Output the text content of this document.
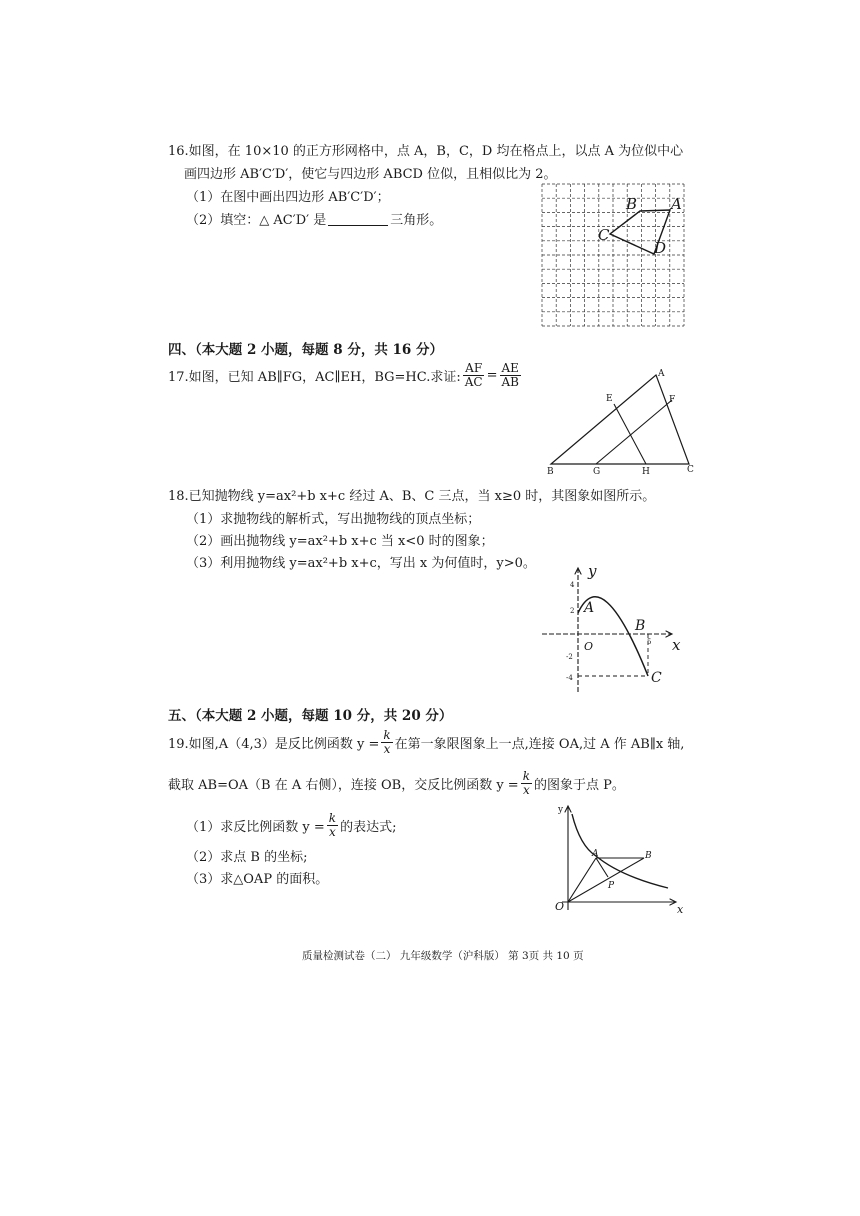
16.如图，在 10×10 的正方形网格中，点 A，B，C，D 均在格点上，以点 A 为位似中心
画四边形 AB′C′D′，使它与四边形 ABCD 位似，且相似比为 2。
（1）在图中画出四边形 AB′C′D′；
（2）填空：△ AC′D′ 是	三角形。
B A
C
D
四、（本大题 2 小题，每题 8 分，共 16 分）
17.如图，已知 AB∥FG，AC∥EH，BG=HC.求证: $\frac{AF}{AC} = \frac{AE}{AB}$	A
E	F
B	G	H	C
18.已知抛物线 y=ax²+b x+c 经过 A、B、C 三点，当 x≥0 时，其图象如图所示。
（1）求抛物线的解析式，写出抛物线的顶点坐标；
（2）画出抛物线 y=ax²+b x+c 当 x<0 时的图象；
（3）利用抛物线 y=ax²+b x+c，写出 x 为何值时，y>0。	y
x
O
4
2
-2
-4
5
A
B
C
五、（本大题 2 小题，每题 10 分，共 20 分）
19.如图,A（4,3）是反比例函数 $y = \frac{k}{x}$ 在第一象限图象上一点,连接 OA,过 A 作 AB∥x 轴,
截取 AB=OA（B 在 A 右侧），连接 OB，交反比例函数 $y = \frac{k}{x}$ 的图象于点 P。
（1）求反比例函数 $y = \frac{k}{x}$ 的表达式;
（2）求点 B 的坐标;
（3）求△OAP 的面积。
y
x
O
A	B
P
质量检测试卷（二） 九年级数学（沪科版） 第 3页 共 10 页
